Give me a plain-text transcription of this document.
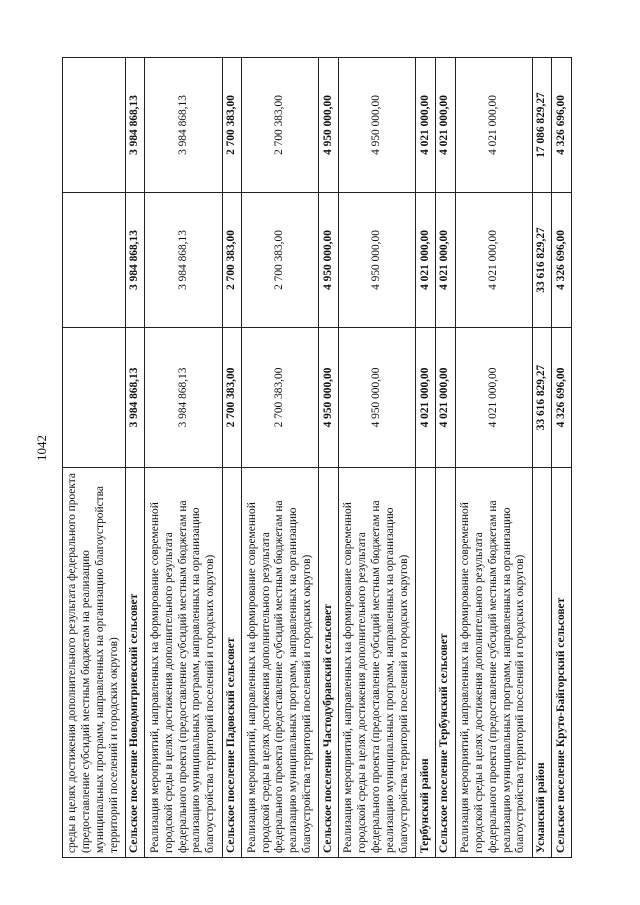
1042
среды в целях достижения дополнительного результата федерального проекта (предоставление субсидий местным бюджетам на реализацию муниципальных программ, направленных на организацию благоустройства территорий поселений и городских округов)			
Сельское поселение Новодмитриевский сельсовет	3 984 868,13	3 984 868,13	3 984 868,13
Реализация мероприятий, направленных на формирование современной городской среды в целях достижения дополнительного результата федерального проекта (предоставление субсидий местным бюджетам на реализацию муниципальных программ, направленных на организацию благоустройства территорий поселений и городских округов)	3 984 868,13	3 984 868,13	3 984 868,13
Сельское поселение Падовский сельсовет	2 700 383,00	2 700 383,00	2 700 383,00
Реализация мероприятий, направленных на формирование современной городской среды в целях достижения дополнительного результата федерального проекта (предоставление субсидий местным бюджетам на реализацию муниципальных программ, направленных на организацию благоустройства территорий поселений и городских округов)	2 700 383,00	2 700 383,00	2 700 383,00
Сельское поселение Частодубравский сельсовет	4 950 000,00	4 950 000,00	4 950 000,00
Реализация мероприятий, направленных на формирование современной городской среды в целях достижения дополнительного результата федерального проекта (предоставление субсидий местным бюджетам на реализацию муниципальных программ, направленных на организацию благоустройства территорий поселений и городских округов)	4 950 000,00	4 950 000,00	4 950 000,00
Тербунский район	4 021 000,00	4 021 000,00	4 021 000,00
Сельское поселение Тербунский сельсовет	4 021 000,00	4 021 000,00	4 021 000,00
Реализация мероприятий, направленных на формирование современной городской среды в целях достижения дополнительного результата федерального проекта (предоставление субсидий местным бюджетам на реализацию муниципальных программ, направленных на организацию благоустройства территорий поселений и городских округов)	4 021 000,00	4 021 000,00	4 021 000,00
Усманский район	33 616 829,27	33 616 829,27	17 086 829,27
Сельское поселение Круто-Байгорский сельсовет	4 326 696,00	4 326 696,00	4 326 696,00
